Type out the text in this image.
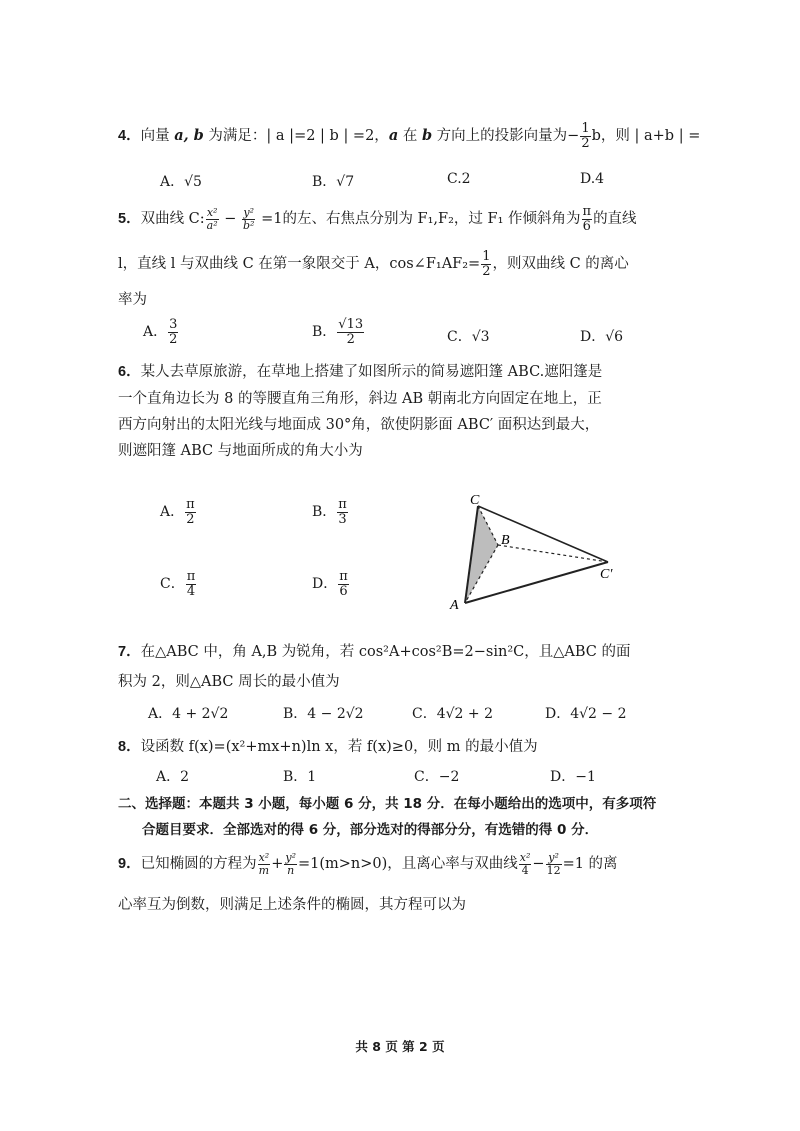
4．向量 a, b 为满足：| a |=2 | b | =2，a 在 b 方向上的投影向量为− $\frac{1}{2}$ b，则 | a+b | =
A．√5	B．√7	C.2	D.4
5．双曲线 C: $\frac{\text{x²}}{\text{a²}} - \frac{\text{y²}}{\text{b²}} =1$的左、右焦点分别为 F₁,F₂，过 F₁ 作倾斜角为 $\frac{\pi}{6}$ 的直线
l，直线 l 与双曲线 C 在第一象限交于 A，cos∠F₁AF₂= $\frac{1}{2}$ ，则双曲线 C 的离心
率为
A． $\frac{3}{2}$	B． $\frac{√13}{2}$	C．√3	D．√6
6．某人去草原旅游，在草地上搭建了如图所示的简易遮阳篷 ABC.遮阳篷是
一个直角边长为 8 的等腰直角三角形，斜边 AB 朝南北方向固定在地上，正
西方向射出的太阳光线与地面成 30°角，欲使阴影面 ABC′ 面积达到最大，
则遮阳篷 ABC 与地面所成的角大小为
A． $\frac{\pi}{2}$	B． $\frac{\pi}{3}$
C． $\frac{\pi}{4}$	D． $\frac{\pi}{6}$
C
B
A
C′
7．在△ABC 中，角 A,B 为锐角，若 cos²A+cos²B=2−sin²C，且△ABC 的面
积为 2，则△ABC 周长的最小值为
A．4 + 2√2	B．4 − 2√2	C．4√2 + 2	D．4√2 − 2
8．设函数 f(x)=(x²+mx+n)ln x，若 f(x)≥0，则 m 的最小值为
A．2	B．1	C．−2	D．−1
二、选择题：本题共 3 小题，每小题 6 分，共 18 分．在每小题给出的选项中，有多项符
合题目要求．全部选对的得 6 分，部分选对的得部分分，有选错的得 0 分．
9．已知椭圆的方程为 $\frac{\text{x²}}{m} + \frac{\text{y²}}{n} =1(m>n>0)$，且离心率与双曲线 $\frac{\text{x²}}{4} - \frac{\text{y²}}{12} =1$ 的离
心率互为倒数，则满足上述条件的椭圆，其方程可以为
共 8 页 第 2 页
